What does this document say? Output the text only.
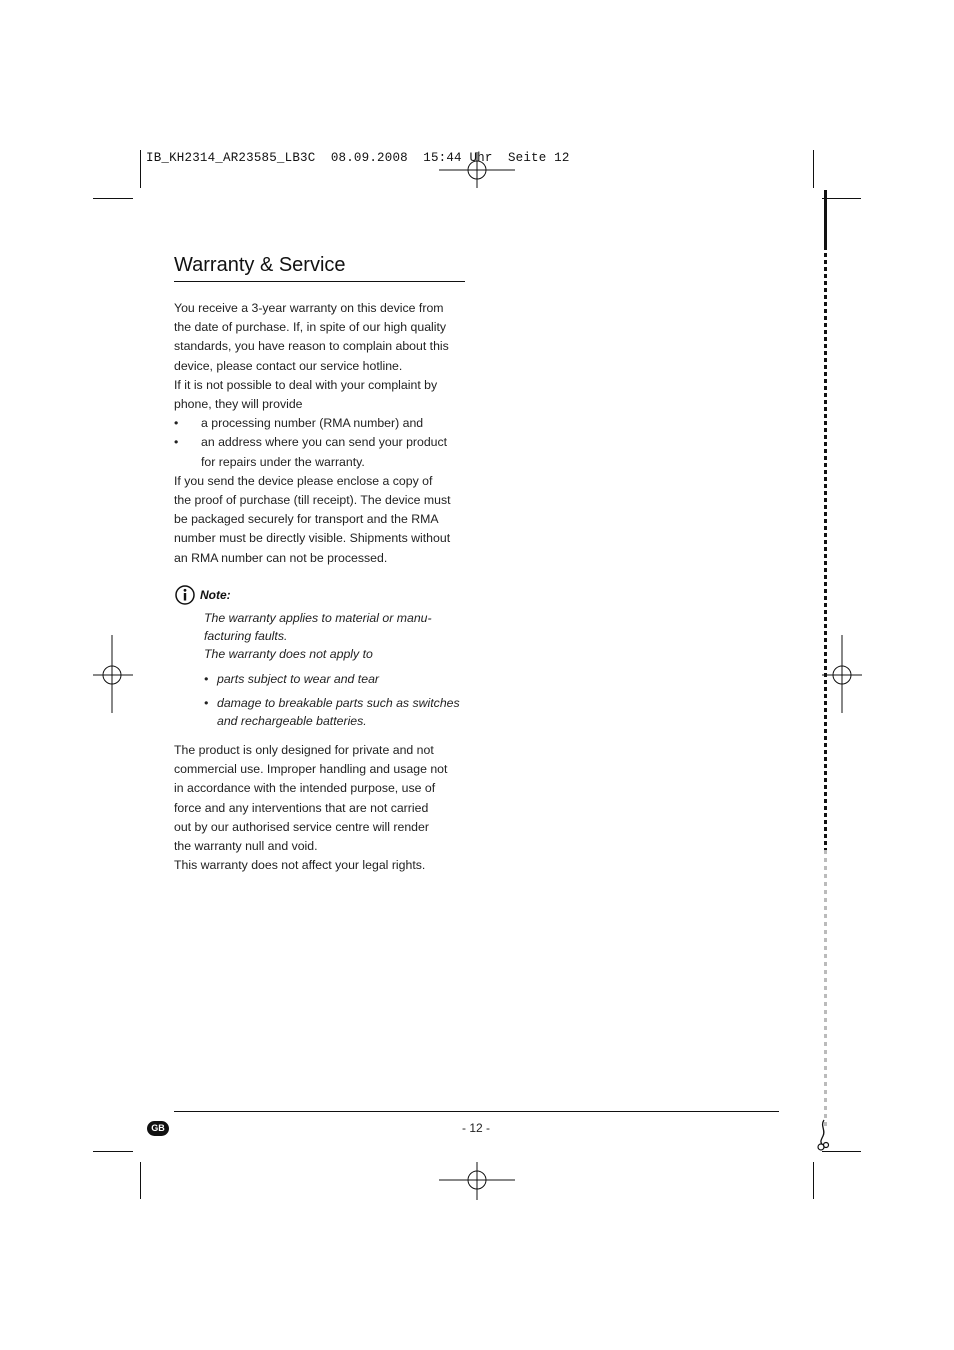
IB_KH2314_AR23585_LB3C  08.09.2008  15:44 Uhr  Seite 12
Warranty & Service

You receive a 3-year warranty on this device from

the date of purchase. If, in spite of our high quality

standards, you have reason to complain about this

device, please contact our service hotline.

If it is not possible to deal with your complaint by

phone, they will provide

•	a processing number (RMA number) and
•	an address where you can send your product
for repairs under the warranty.

If you send the device please enclose a copy of

the proof of purchase (till receipt). The device must

be packaged securely for transport and the RMA

number must be directly visible. Shipments without

an RMA number can not be processed.

Note:

The warranty applies to material or manu-

facturing faults.

The warranty does not apply to

• parts subject to wear and tear
• damage to breakable parts such as switches
and rechargeable batteries.

The product is only designed for private and not

commercial use. Improper handling and usage not

in accordance with the intended purpose, use of

force and any interventions that are not carried

out by our authorised service centre will render

the warranty null and void.

This warranty does not affect your legal rights.

GB	- 12 -
